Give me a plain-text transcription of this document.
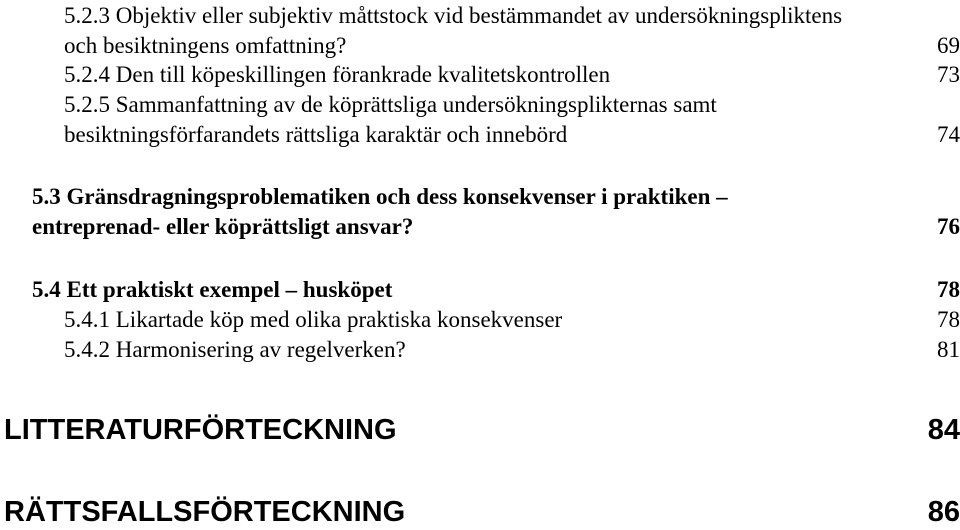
5.2.3 Objektiv eller subjektiv måttstock vid bestämmandet av undersökningspliktens
och besiktningens omfattning?	69
5.2.4 Den till köpeskillingen förankrade kvalitetskontrollen	73
5.2.5 Sammanfattning av de köprättsliga undersökningsplikternas samt
besiktningsförfarandets rättsliga karaktär och innebörd	74
5.3 Gränsdragningsproblematiken och dess konsekvenser i praktiken –
entreprenad- eller köprättsligt ansvar?	76
5.4 Ett praktiskt exempel – husköpet	78
5.4.1 Likartade köp med olika praktiska konsekvenser	78
5.4.2 Harmonisering av regelverken?	81
LITTERATURFÖRTECKNING	84
RÄTTSFALLSFÖRTECKNING	86
